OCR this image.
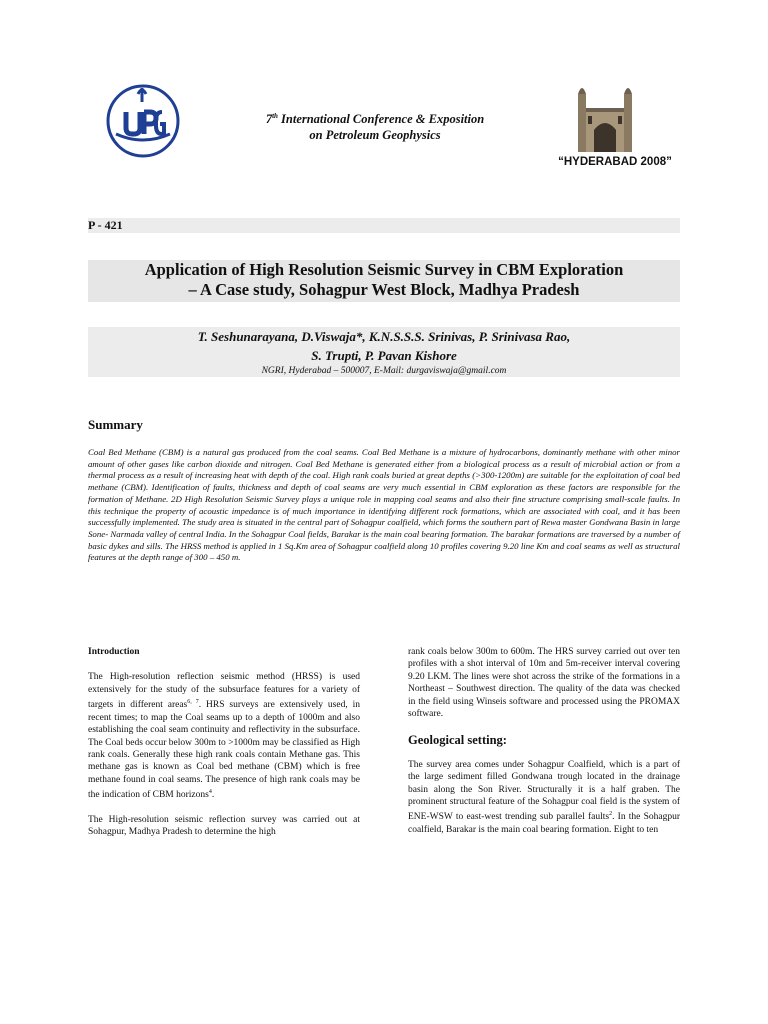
7th International Conference & Exposition
on Petroleum Geophysics
“HYDERABAD 2008”
P - 421
Application of High Resolution Seismic Survey in CBM Exploration
– A Case study, Sohagpur West Block, Madhya Pradesh
T. Seshunarayana, D.Viswaja*, K.N.S.S.S. Srinivas, P. Srinivasa Rao,
S. Trupti, P. Pavan Kishore
NGRI, Hyderabad – 500007, E-Mail: durgaviswaja@gmail.com
Summary
Coal Bed Methane (CBM) is a natural gas produced from the coal seams. Coal Bed Methane is a mixture of hydrocarbons, dominantly methane with other minor amount of other gases like carbon dioxide and nitrogen. Coal Bed Methane is generated either from a biological process as a result of microbial action or from a thermal process as a result of increasing heat with depth of the coal. High rank coals buried at great depths (>300-1200m) are suitable for the exploitation of coal bed methane (CBM). Identification of faults, thickness and depth of coal seams are very much essential in CBM exploration as these factors are responsible for the formation of Methane. 2D High Resolution Seismic Survey plays a unique role in mapping coal seams and also their fine structure comprising small-scale faults. In this technique the property of acoustic impedance is of much importance in identifying different rock formations, which are associated with coal, and it has been successfully implemented. The study area is situated in the central part of Sohagpur coalfield, which forms the southern part of Rewa master Gondwana Basin in large Sone- Narmada valley of central India. In the Sohagpur Coal fields, Barakar is the main coal bearing formation. The barakar formations are traversed by a number of basic dykes and sills. The HRSS method is applied in 1 Sq.Km area of Sohagpur coalfield along 10 profiles covering 9.20 line Km and coal seams as well as structural features at the depth range of 300 – 450 m.
Introduction

The High-resolution reflection seismic method (HRSS) is used extensively for the study of the subsurface features for a variety of targets in different areas$^{6, 7}$. HRS surveys are extensively used, in recent times; to map the Coal seams up to a depth of 1000m and also establishing the coal seam continuity and reflectivity in the subsurface. The Coal beds occur below 300m to >1000m may be classified as High rank coals. Generally these high rank coals contain Methane gas. This methane gas is known as Coal bed methane (CBM) which is free methane found in coal seams. The presence of high rank coals may be the indication of CBM horizons$^4$.

The High-resolution seismic reflection survey was carried out at Sohagpur, Madhya Pradesh to determine the high

rank coals below 300m to 600m. The HRS survey carried out over ten profiles with a shot interval of 10m and 5m-receiver interval covering 9.20 LKM. The lines were shot across the strike of the formations in a Northeast – Southwest direction. The quality of the data was checked in the field using Winseis software and processed using the PROMAX software.

Geological setting:

The survey area comes under Sohagpur Coalfield, which is a part of the large sediment filled Gondwana trough located in the drainage basin along the Son River. Structurally it is a half graben. The prominent structural feature of the Sohagpur coal field is the system of ENE-WSW to east-west trending sub parallel faults$^2$. In the Sohagpur coalfield, Barakar is the main coal bearing formation. Eight to ten
